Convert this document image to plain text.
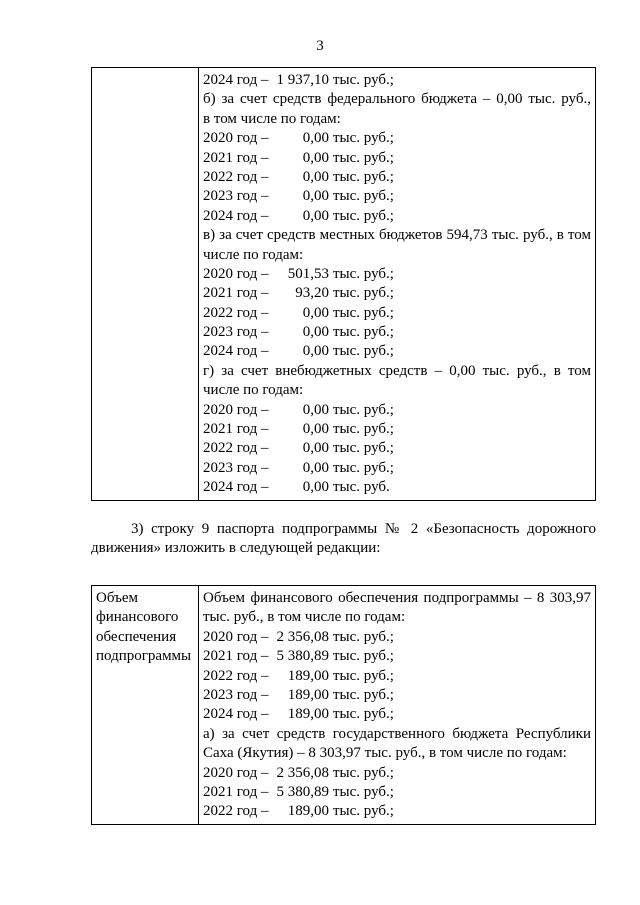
3

2024 год – 1 937,10 тыс. руб.;
б) за счет средств федерального бюджета – 0,00 тыс. руб.,
в том числе по годам:
2020 год – 0,00 тыс. руб.;
2021 год – 0,00 тыс. руб.;
2022 год – 0,00 тыс. руб.;
2023 год – 0,00 тыс. руб.;
2024 год – 0,00 тыс. руб.;
в) за счет средств местных бюджетов 594,73 тыс. руб., в том
числе по годам:
2020 год – 501,53 тыс. руб.;
2021 год – 93,20 тыс. руб.;
2022 год – 0,00 тыс. руб.;
2023 год – 0,00 тыс. руб.;
2024 год – 0,00 тыс. руб.;
г) за счет внебюджетных средств – 0,00 тыс. руб., в том
числе по годам:
2020 год – 0,00 тыс. руб.;
2021 год – 0,00 тыс. руб.;
2022 год – 0,00 тыс. руб.;
2023 год – 0,00 тыс. руб.;
2024 год – 0,00 тыс. руб.
3) строку 9 паспорта подпрограммы № 2 «Безопасность дорожного
движения» изложить в следующей редакции:
Объем
финансового
обеспечения
подпрограммы

Объем финансового обеспечения подпрограммы – 8 303,97
тыс. руб., в том числе по годам:
2020 год – 2 356,08 тыс. руб.;
2021 год – 5 380,89 тыс. руб.;
2022 год – 189,00 тыс. руб.;
2023 год – 189,00 тыс. руб.;
2024 год – 189,00 тыс. руб.;
а) за счет средств государственного бюджета Республики
Саха (Якутия) – 8 303,97 тыс. руб., в том числе по годам:
2020 год – 2 356,08 тыс. руб.;
2021 год – 5 380,89 тыс. руб.;
2022 год – 189,00 тыс. руб.;
